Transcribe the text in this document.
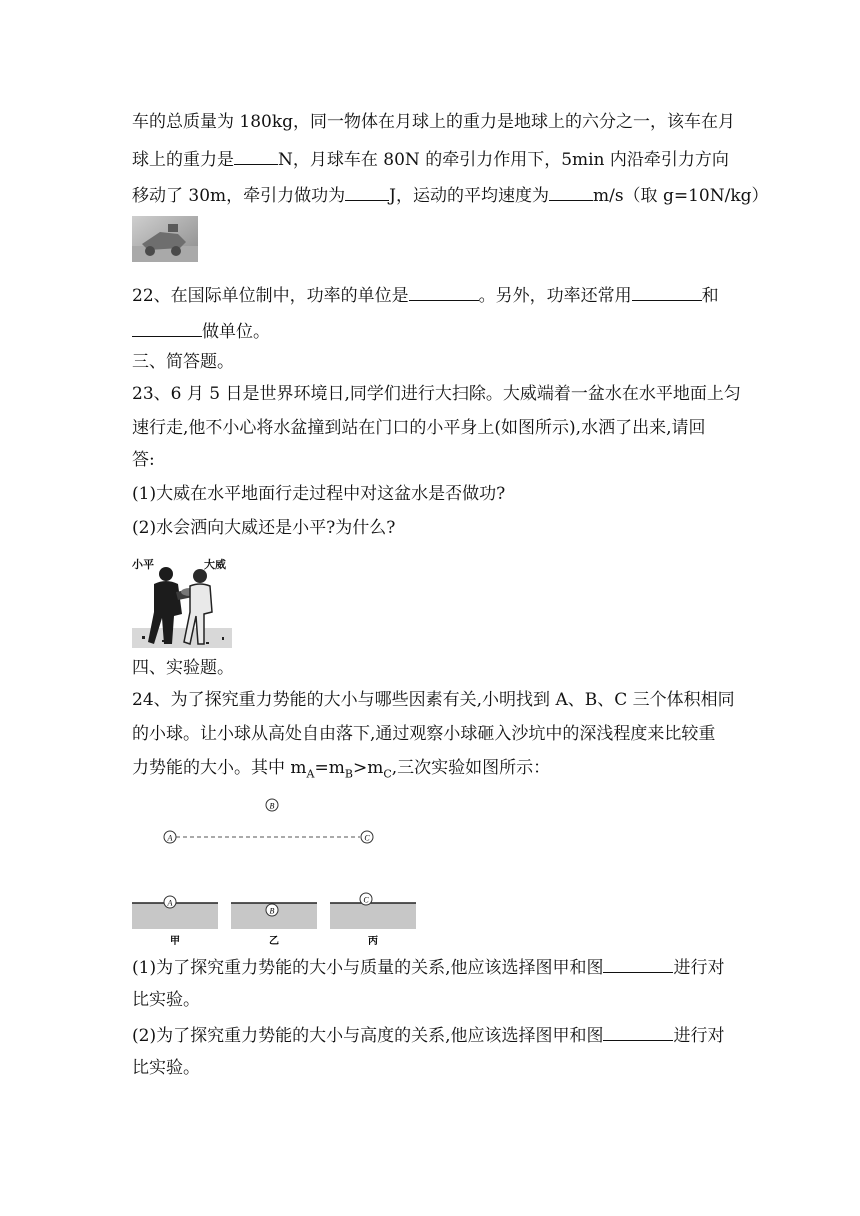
车的总质量为 180kg，同一物体在月球上的重力是地球上的六分之一，该车在月
球上的重力是	N，月球车在 80N 的牵引力作用下，5min 内沿牵引力方向
移动了 30m，牵引力做功为	J，运动的平均速度为	m/s（取 g=10N/kg）
22、在国际单位制中，功率的单位是	。另外，功率还常用	和
做单位。
三、简答题。
23、6 月 5 日是世界环境日,同学们进行大扫除。大威端着一盆水在水平地面上匀
速行走,他不小心将水盆撞到站在门口的小平身上(如图所示),水洒了出来,请回
答:
(1)大威在水平地面行走过程中对这盆水是否做功?
(2)水会洒向大威还是小平?为什么?
小平	大威
四、实验题。
24、为了探究重力势能的大小与哪些因素有关,小明找到 A、B、C 三个体积相同
的小球。让小球从高处自由落下,通过观察小球砸入沙坑中的深浅程度来比较重
力势能的大小。其中 $m_A=m_B>m_C$,三次实验如图所示：
B
A	C
A
B
C
甲	乙	丙
(1)为了探究重力势能的大小与质量的关系,他应该选择图甲和图	进行对
比实验。
(2)为了探究重力势能的大小与高度的关系,他应该选择图甲和图	进行对
比实验。
